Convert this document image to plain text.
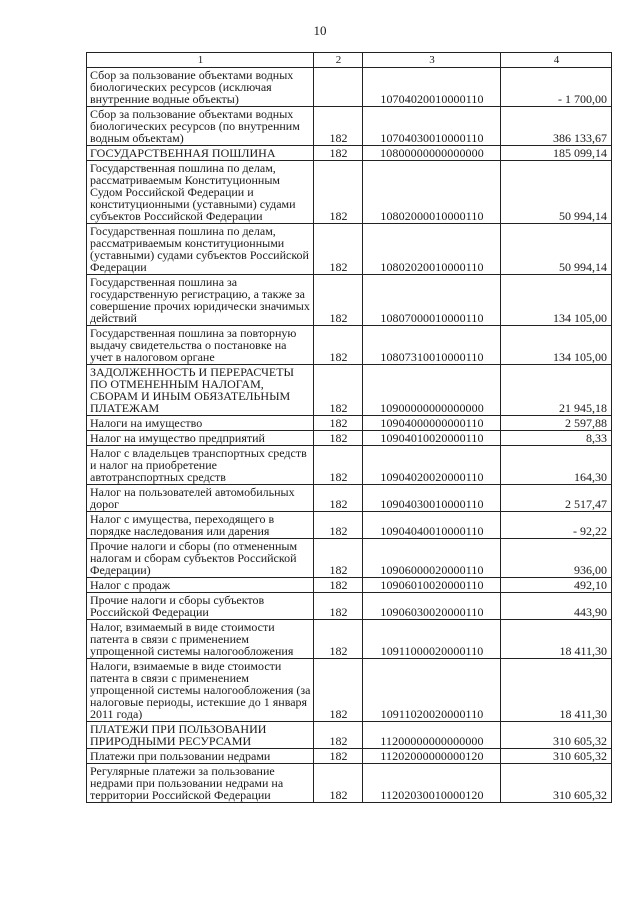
10
1	2	3	4
Сбор за пользование объектами водных биологических ресурсов (исключая внутренние водные объекты)		10704020010000110	- 1 700,00
Сбор за пользование объектами водных биологических ресурсов (по внутренним водным объектам)	182	10704030010000110	386 133,67
ГОСУДАРСТВЕННАЯ ПОШЛИНА	182	10800000000000000	185 099,14
Государственная пошлина по делам, рассматриваемым Конституционным Судом Российской Федерации и конституционными (уставными) судами субъектов Российской Федерации	182	10802000010000110	50 994,14
Государственная пошлина по делам, рассматриваемым конституционными (уставными) судами субъектов Российской Федерации	182	10802020010000110	50 994,14
Государственная пошлина за государственную регистрацию, а также за совершение прочих юридически значимых действий	182	10807000010000110	134 105,00
Государственная пошлина за повторную выдачу свидетельства о постановке на учет в налоговом органе	182	10807310010000110	134 105,00
ЗАДОЛЖЕННОСТЬ И ПЕРЕРАСЧЕТЫ ПО ОТМЕНЕННЫМ НАЛОГАМ, СБОРАМ И ИНЫМ ОБЯЗАТЕЛЬНЫМ ПЛАТЕЖАМ	182	10900000000000000	21 945,18
Налоги на имущество	182	10904000000000110	2 597,88
Налог на имущество предприятий	182	10904010020000110	8,33
Налог с владельцев транспортных средств и налог на приобретение автотранспортных средств	182	10904020020000110	164,30
Налог на пользователей автомобильных дорог	182	10904030010000110	2 517,47
Налог с имущества, переходящего в порядке наследования или дарения	182	10904040010000110	- 92,22
Прочие налоги и сборы (по отмененным налогам и сборам субъектов Российской Федерации)	182	10906000020000110	936,00
Налог с продаж	182	10906010020000110	492,10
Прочие налоги и сборы субъектов Российской Федерации	182	10906030020000110	443,90
Налог, взимаемый в виде стоимости патента в связи с применением упрощенной системы налогообложения	182	10911000020000110	18 411,30
Налоги, взимаемые в виде стоимости патента в связи с применением упрощенной системы налогообложения (за налоговые периоды, истекшие до 1 января 2011 года)	182	10911020020000110	18 411,30
ПЛАТЕЖИ ПРИ ПОЛЬЗОВАНИИ ПРИРОДНЫМИ РЕСУРСАМИ	182	11200000000000000	310 605,32
Платежи при пользовании недрами	182	11202000000000120	310 605,32
Регулярные платежи за пользование недрами при пользовании недрами на территории Российской Федерации	182	11202030010000120	310 605,32
